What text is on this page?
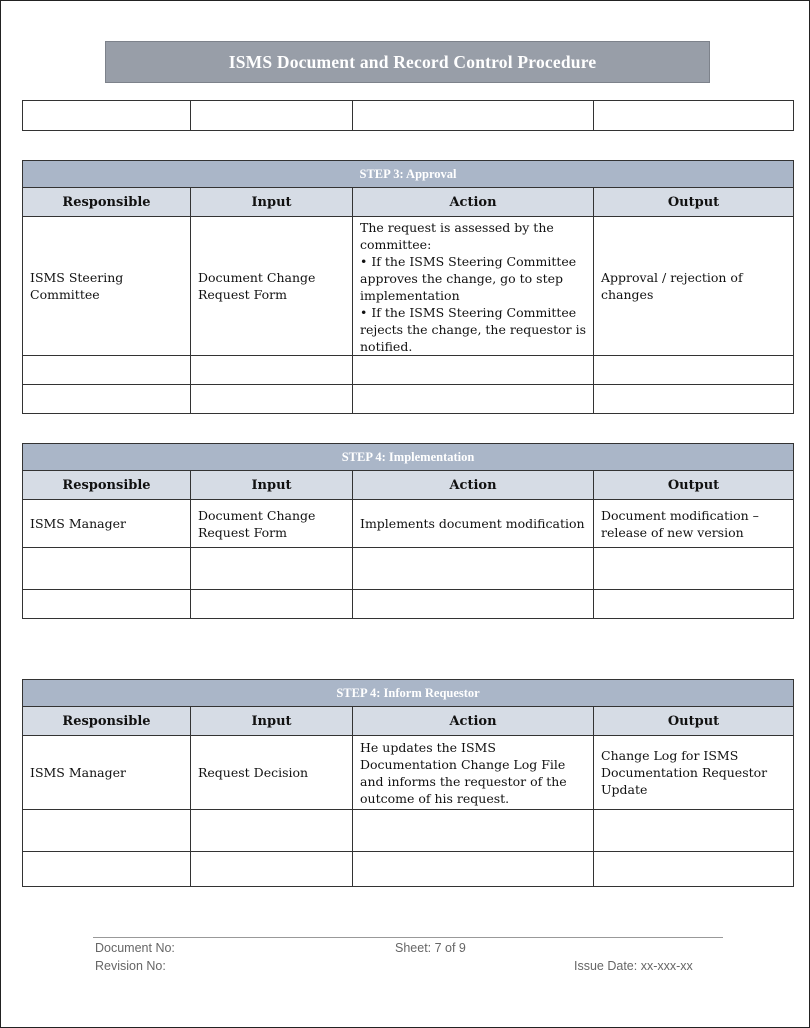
ISMS Document and Record Control Procedure

STEP 3: Approval			
Responsible	Input	Action	Output
ISMS Steering Committee	Document Change Request Form	The request is assessed by the committee:
• If the ISMS Steering Committee approves the change, go to step implementation
• If the ISMS Steering Committee rejects the change, the requestor is notified.	Approval / rejection of changes

STEP 4: Implementation			
Responsible	Input	Action	Output
ISMS Manager	Document Change Request Form	Implements document modification	Document modification – release of new version

STEP 4: Inform Requestor			
Responsible	Input	Action	Output
ISMS Manager	Request Decision	He updates the ISMS Documentation Change Log File and informs the requestor of the outcome of his request.	Change Log for ISMS Documentation Requestor Update

Document No:
Revision No:
Sheet: 7 of 9
Issue Date: xx-xxx-xx
